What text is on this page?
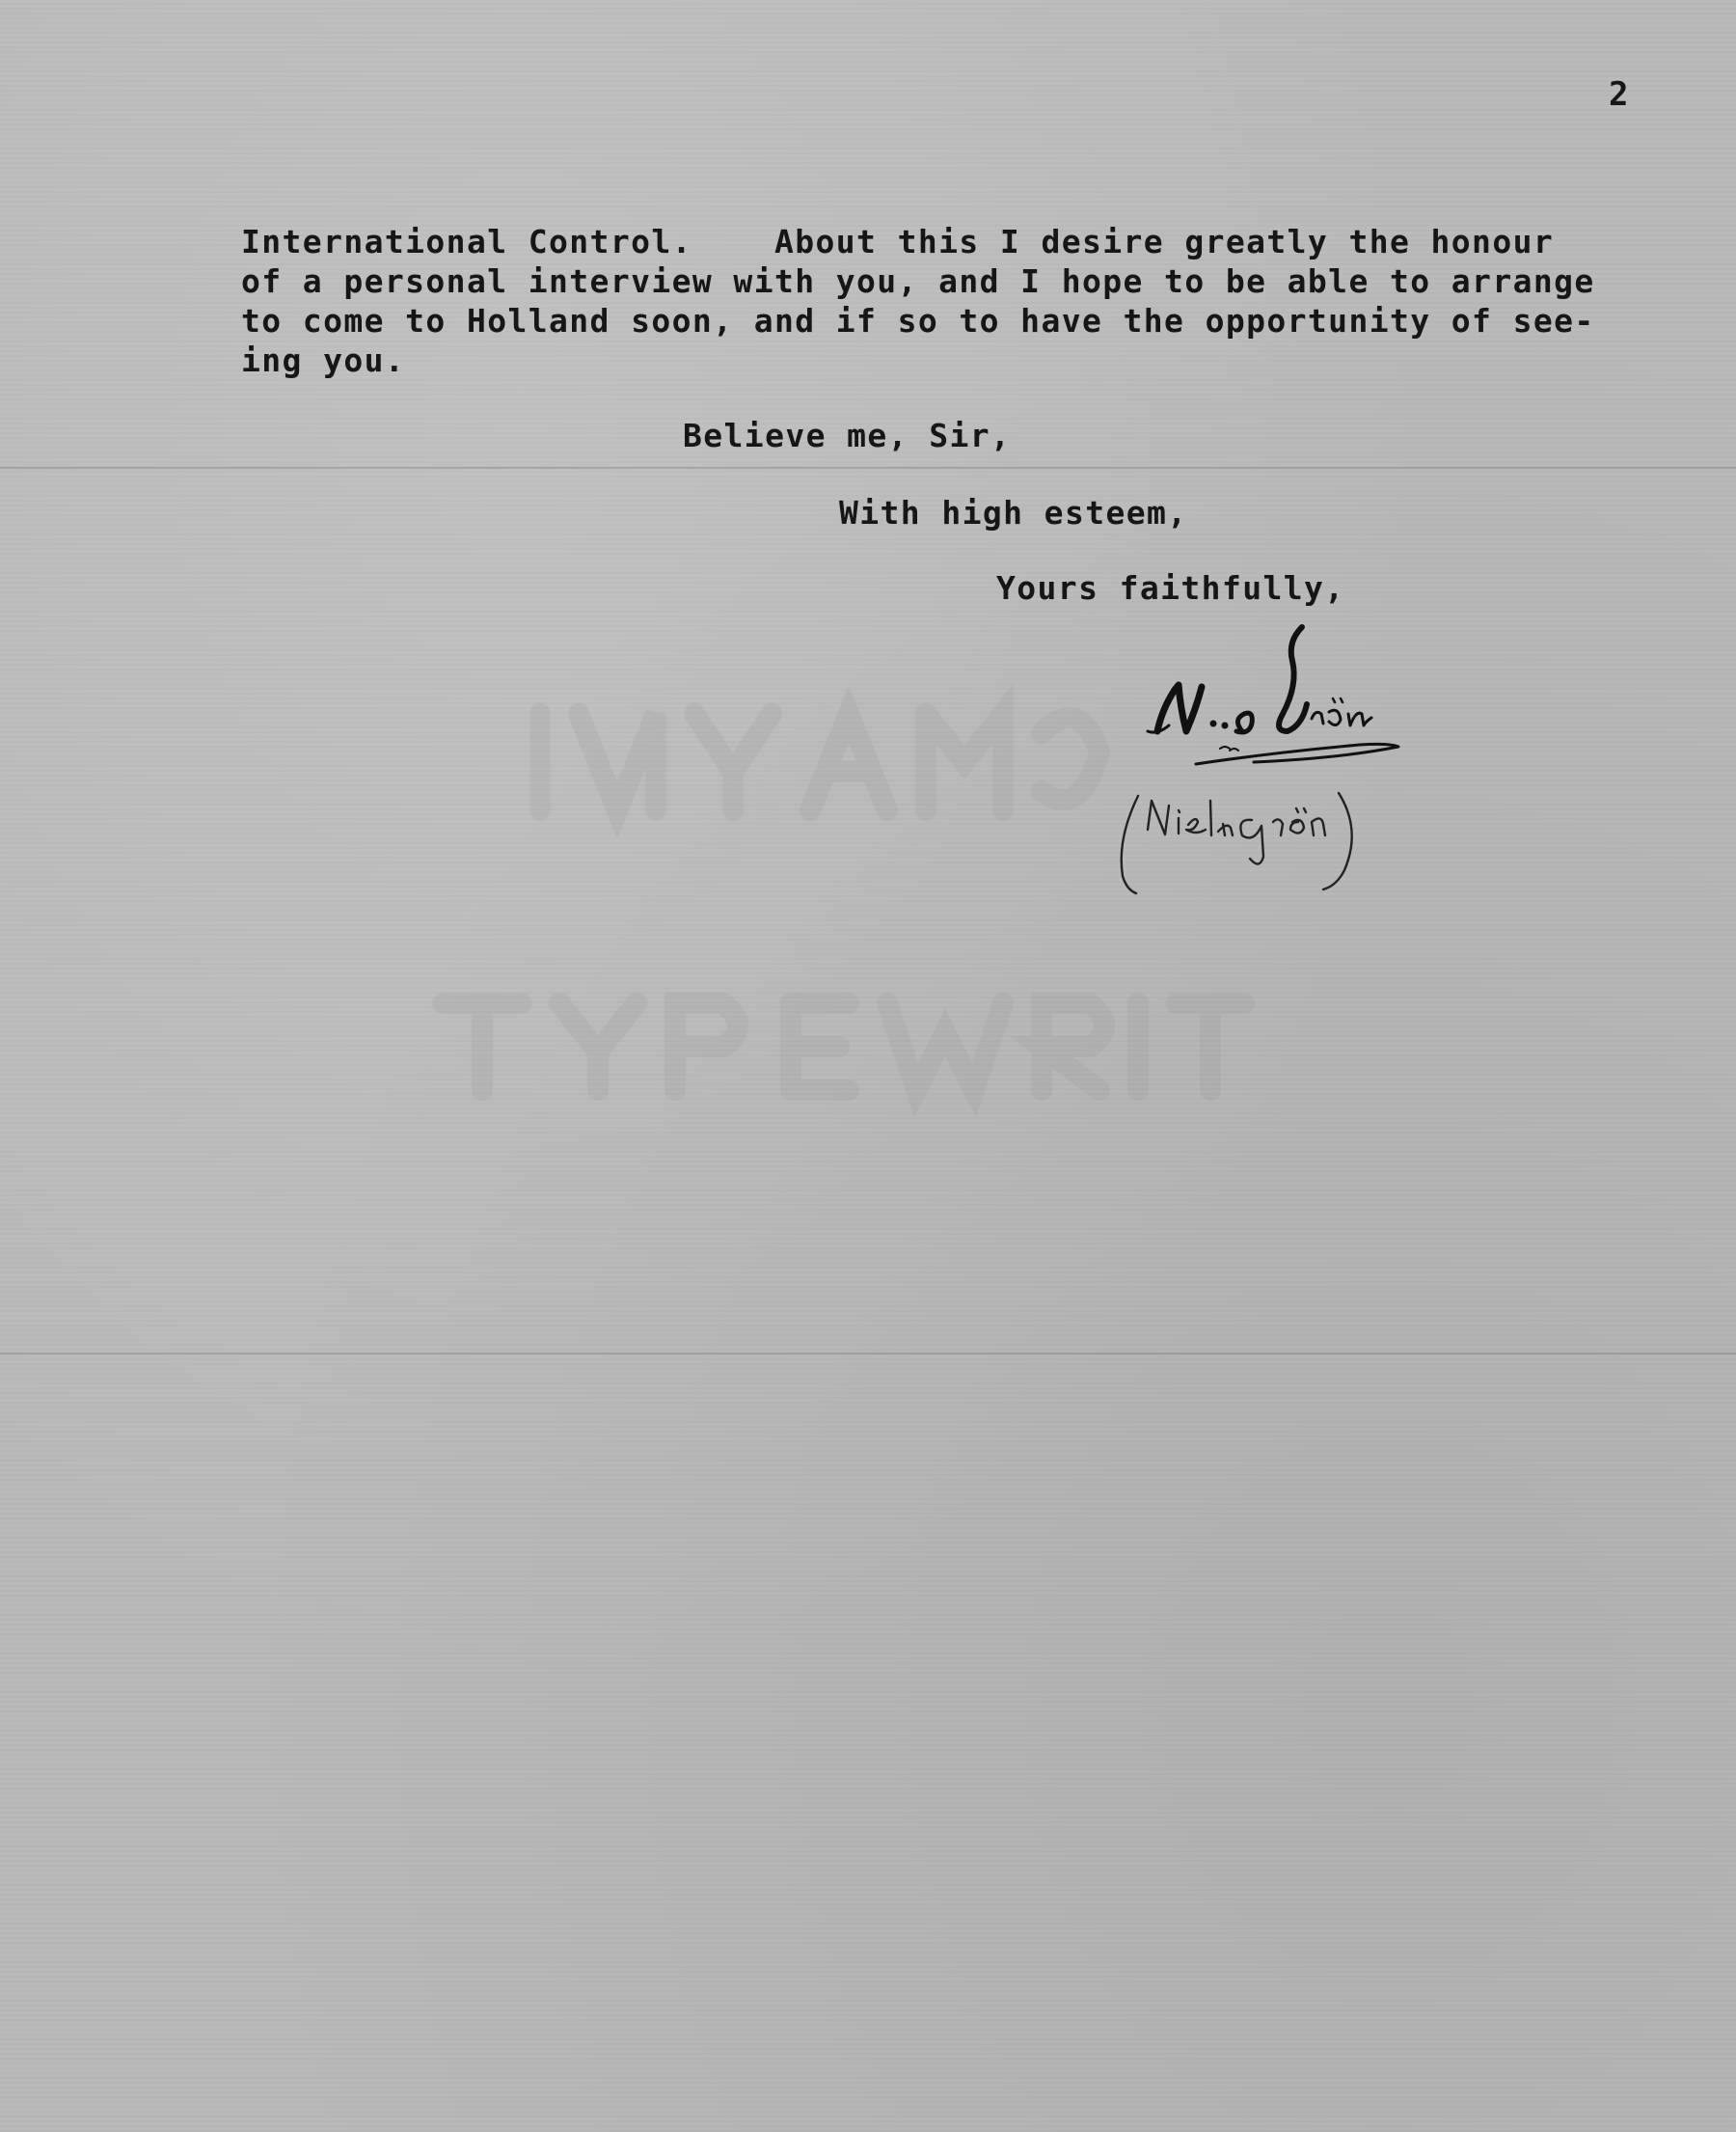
2
International Control.    About this I desire greatly the honour
of a personal interview with you, and I hope to be able to arrange
to come to Holland soon, and if so to have the opportunity of see-
ing you.
Believe me, Sir,
With high esteem,
Yours faithfully,
